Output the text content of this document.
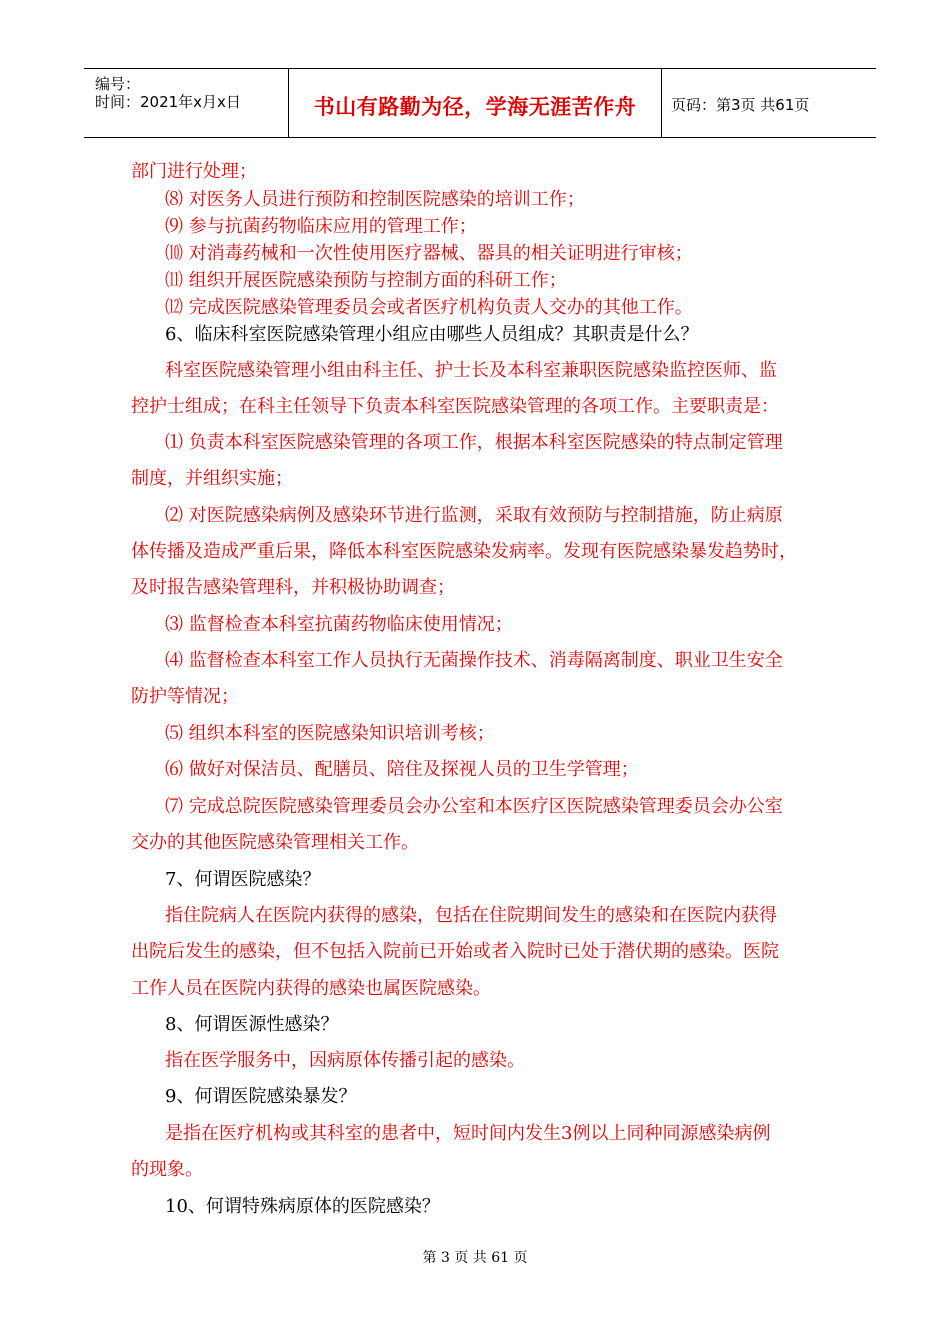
编号：
时间：2021年x月x日	书山有路勤为径，学海无涯苦作舟	页码：第3页 共61页
部门进行处理；
⑻ 对医务人员进行预防和控制医院感染的培训工作；
⑼ 参与抗菌药物临床应用的管理工作；
⑽ 对消毒药械和一次性使用医疗器械、器具的相关证明进行审核；
⑾ 组织开展医院感染预防与控制方面的科研工作；
⑿ 完成医院感染管理委员会或者医疗机构负责人交办的其他工作。
6、临床科室医院感染管理小组应由哪些人员组成？其职责是什么？
科室医院感染管理小组由科主任、护士长及本科室兼职医院感染监控医师、监
控护士组成；在科主任领导下负责本科室医院感染管理的各项工作。主要职责是：
⑴ 负责本科室医院感染管理的各项工作，根据本科室医院感染的特点制定管理
制度，并组织实施；
⑵ 对医院感染病例及感染环节进行监测，采取有效预防与控制措施，防止病原
体传播及造成严重后果，降低本科室医院感染发病率。发现有医院感染暴发趋势时，
及时报告感染管理科，并积极协助调查；
⑶ 监督检查本科室抗菌药物临床使用情况；
⑷ 监督检查本科室工作人员执行无菌操作技术、消毒隔离制度、职业卫生安全
防护等情况；
⑸ 组织本科室的医院感染知识培训考核；
⑹ 做好对保洁员、配膳员、陪住及探视人员的卫生学管理；
⑺ 完成总院医院感染管理委员会办公室和本医疗区医院感染管理委员会办公室
交办的其他医院感染管理相关工作。
7、何谓医院感染？
指住院病人在医院内获得的感染，包括在住院期间发生的感染和在医院内获得
出院后发生的感染，但不包括入院前已开始或者入院时已处于潜伏期的感染。医院
工作人员在医院内获得的感染也属医院感染。
8、何谓医源性感染？
指在医学服务中，因病原体传播引起的感染。
9、何谓医院感染暴发？
是指在医疗机构或其科室的患者中，短时间内发生3例以上同种同源感染病例
的现象。
10、何谓特殊病原体的医院感染？
第 3 页 共 61 页
